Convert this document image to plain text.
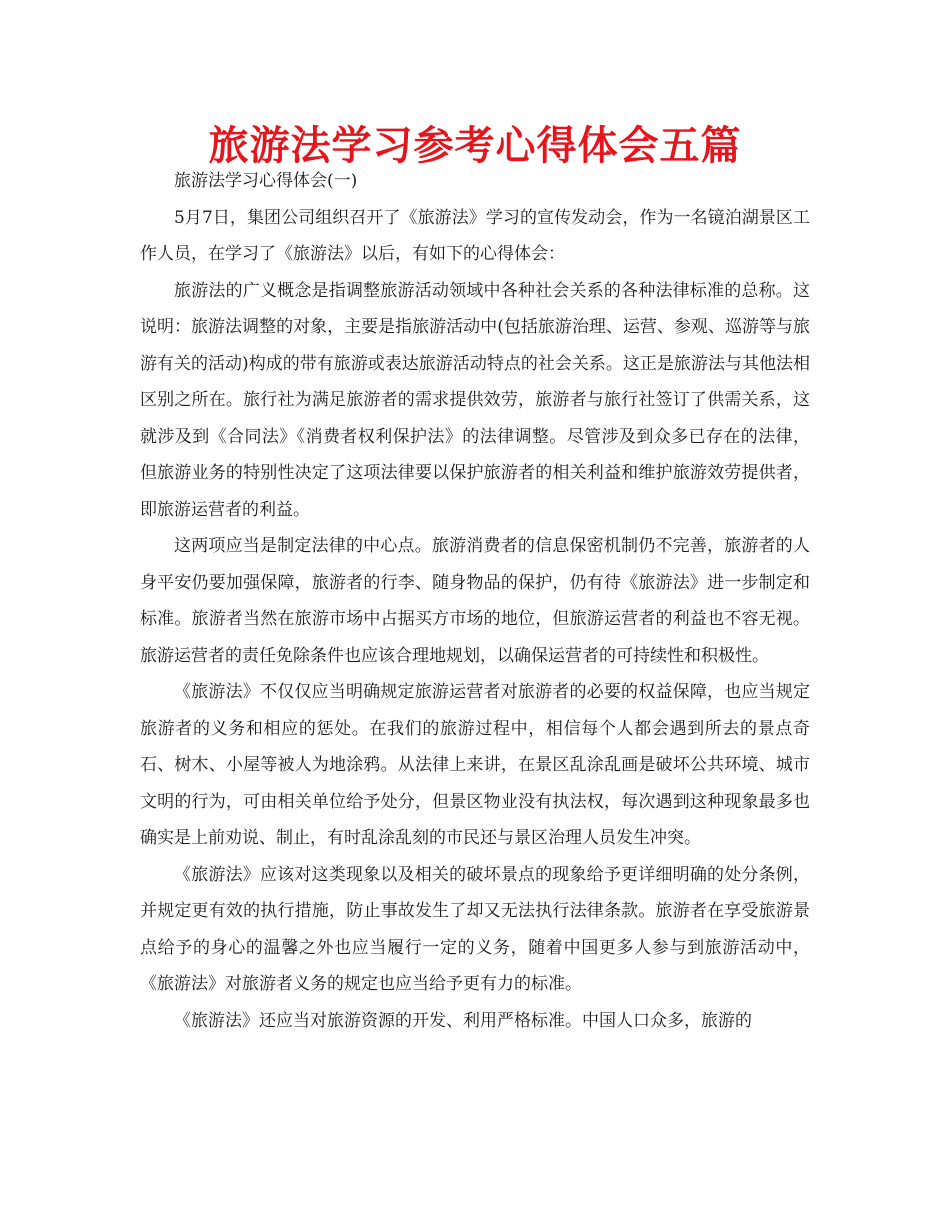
旅游法学习参考心得体会五篇

旅游法学习心得体会(一)

5月7日，集团公司组织召开了《旅游法》学习的宣传发动会，作为一名镜泊湖景区工作人员，在学习了《旅游法》以后，有如下的心得体会：

旅游法的广义概念是指调整旅游活动领域中各种社会关系的各种法律标准的总称。这说明：旅游法调整的对象，主要是指旅游活动中(包括旅游治理、运营、参观、巡游等与旅游有关的活动)构成的带有旅游或表达旅游活动特点的社会关系。这正是旅游法与其他法相区别之所在。旅行社为满足旅游者的需求提供效劳，旅游者与旅行社签订了供需关系，这就涉及到《合同法》《消费者权利保护法》的法律调整。尽管涉及到众多已存在的法律，但旅游业务的特别性决定了这项法律要以保护旅游者的相关利益和维护旅游效劳提供者，即旅游运营者的利益。

这两项应当是制定法律的中心点。旅游消费者的信息保密机制仍不完善，旅游者的人身平安仍要加强保障，旅游者的行李、随身物品的保护，仍有待《旅游法》进一步制定和标准。旅游者当然在旅游市场中占据买方市场的地位，但旅游运营者的利益也不容无视。旅游运营者的责任免除条件也应该合理地规划，以确保运营者的可持续性和积极性。

《旅游法》不仅仅应当明确规定旅游运营者对旅游者的必要的权益保障，也应当规定旅游者的义务和相应的惩处。在我们的旅游过程中，相信每个人都会遇到所去的景点奇石、树木、小屋等被人为地涂鸦。从法律上来讲，在景区乱涂乱画是破坏公共环境、城市文明的行为，可由相关单位给予处分，但景区物业没有执法权，每次遇到这种现象最多也确实是上前劝说、制止，有时乱涂乱刻的市民还与景区治理人员发生冲突。

《旅游法》应该对这类现象以及相关的破坏景点的现象给予更详细明确的处分条例，并规定更有效的执行措施，防止事故发生了却又无法执行法律条款。旅游者在享受旅游景点给予的身心的温馨之外也应当履行一定的义务，随着中国更多人参与到旅游活动中，《旅游法》对旅游者义务的规定也应当给予更有力的标准。

《旅游法》还应当对旅游资源的开发、利用严格标准。中国人口众多，旅游的
